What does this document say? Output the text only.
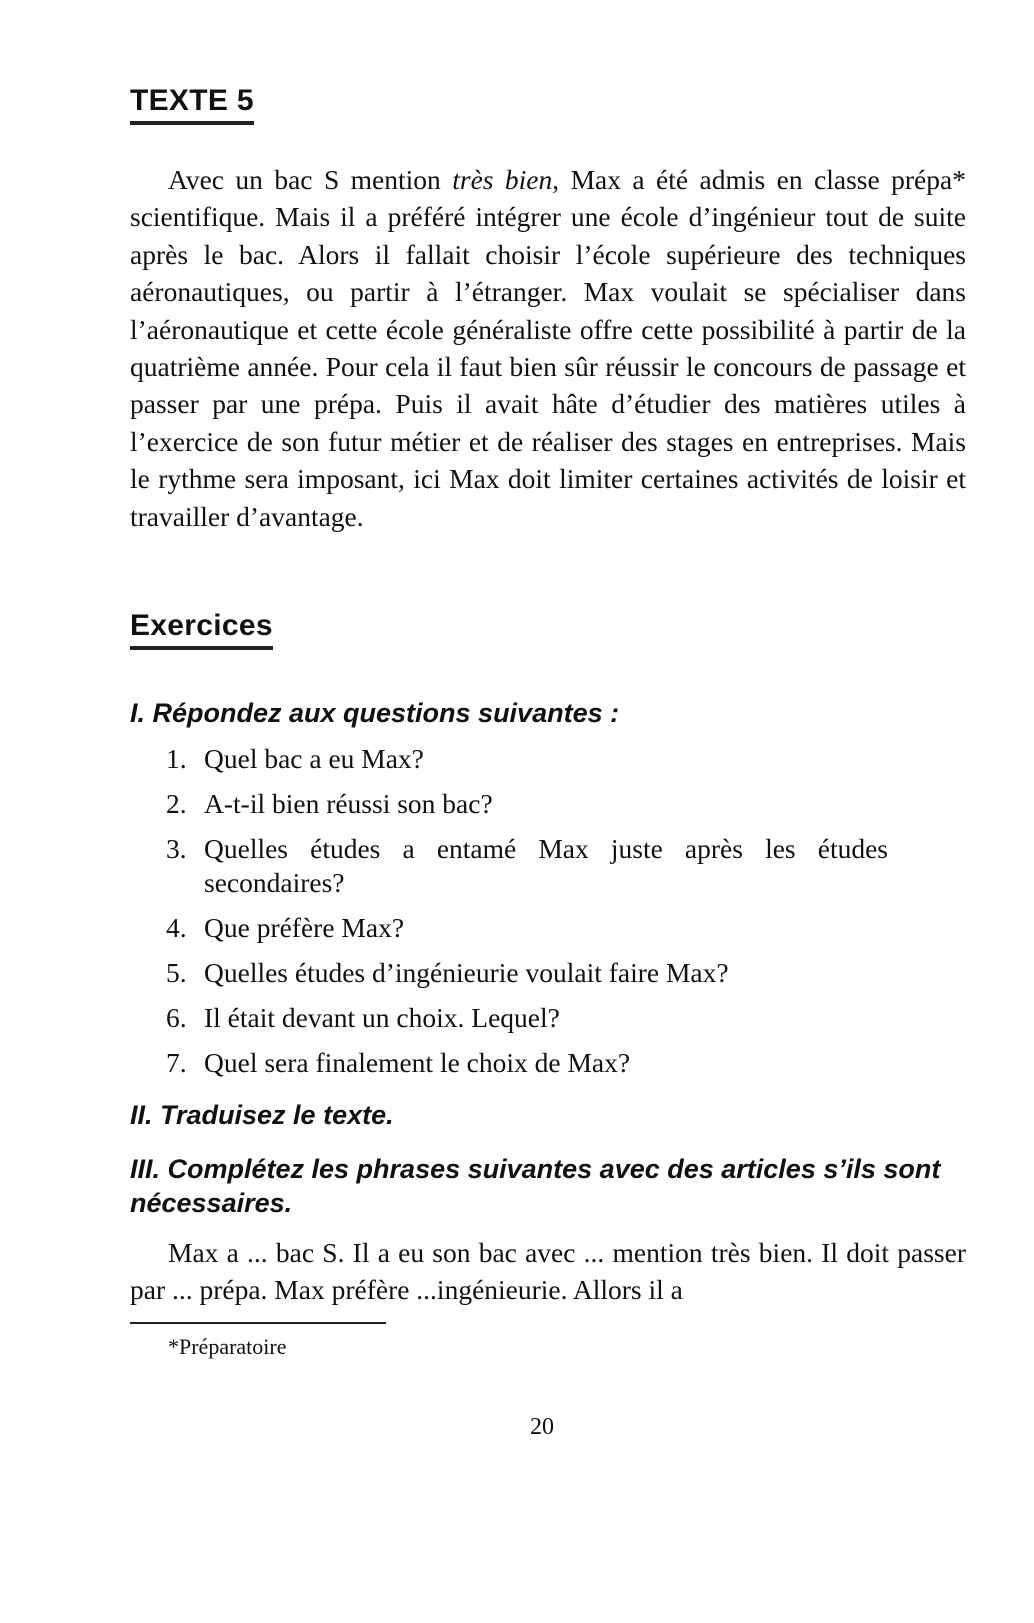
TEXTE 5

Avec un bac S mention très bien, Max a été admis en classe prépa* scientifique. Mais il a préféré intégrer une école d’ingénieur tout de suite après le bac. Alors il fallait choisir l’école supérieure des techniques aéronautiques, ou partir à l’étranger. Max voulait se spécialiser dans l’aéronautique et cette école généraliste offre cette possibilité à partir de la quatrième année. Pour cela il faut bien sûr réussir le concours de passage et passer par une prépa. Puis il avait hâte d’étudier des matières utiles à l’exercice de son futur métier et de réaliser des stages en entreprises. Mais le rythme sera imposant, ici Max doit limiter certaines activités de loisir et travailler d’avantage.

Exercices
I. Répondez aux questions suivantes :
1. Quel bac a eu Max?
2. A-t-il bien réussi son bac?
3. Quelles études a entamé Max juste après les études secondaires?
4. Que préfère Max?
5. Quelles études d’ingénieurie voulait faire Max?
6. Il était devant un choix. Lequel?
7. Quel sera finalement le choix de Max?
II. Traduisez le texte.
III. Complétez les phrases suivantes avec des articles s’ils sont nécessaires.

Max a ... bac S. Il a eu son bac avec ... mention très bien. Il doit passer par ... prépa. Max préfère ...ingénieurie. Allors il a

*Préparatoire

20
